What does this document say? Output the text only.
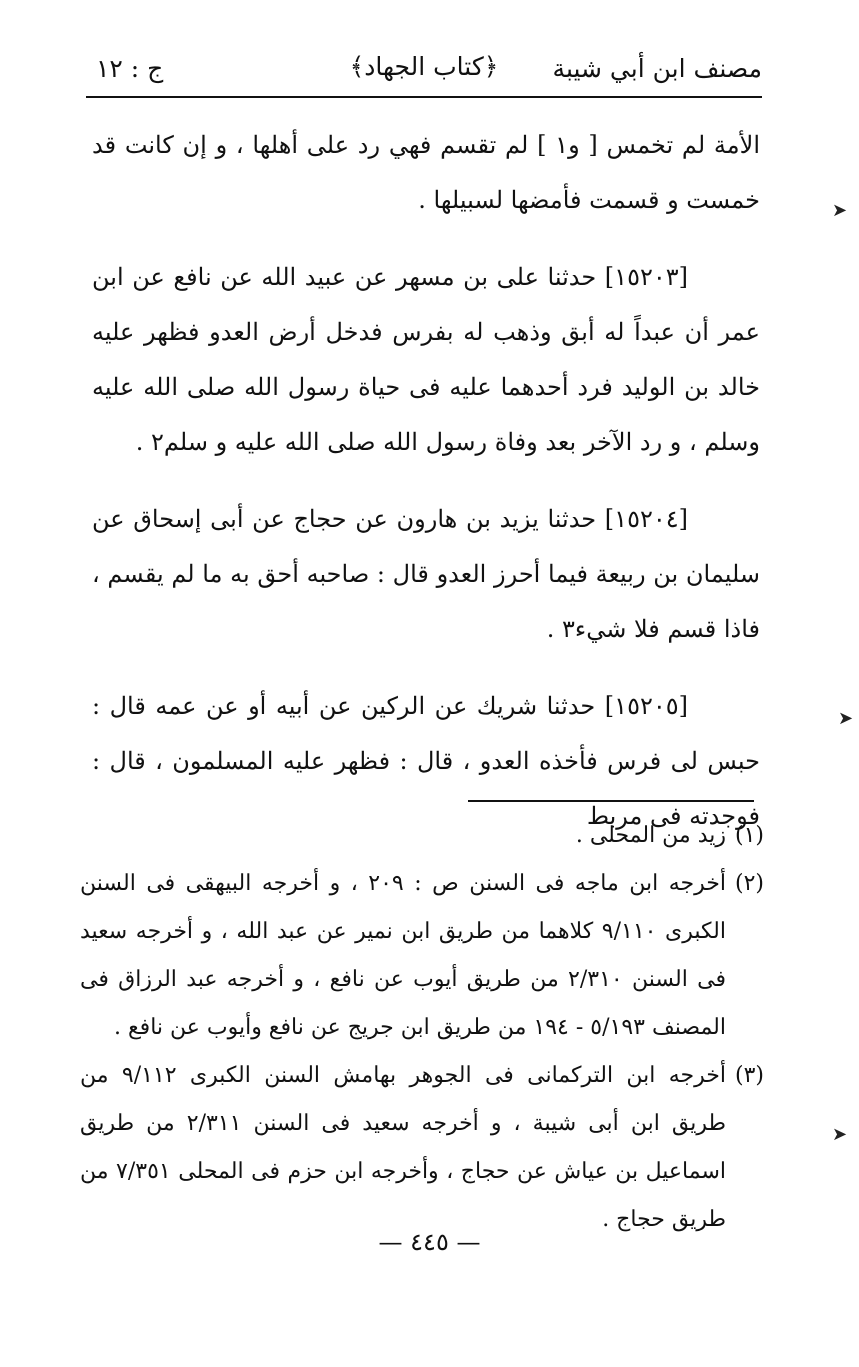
مصنف ابن أبي شيبة
﴿كتاب الجهاد﴾
ج : ١٢

الأمة لم تخمس [ و١ ] لم تقسم فهي رد على أهلها ، و إن كانت قد خمست و قسمت فأمضها لسبيلها .

[١٥٢٠٣] حدثنا على بن مسهر عن عبيد الله عن نافع عن ابن عمر أن عبداً له أبق وذهب له بفرس فدخل أرض العدو فظهر عليه خالد بن الوليد فرد أحدهما عليه فى حياة رسول الله صلى الله عليه وسلم ، و رد الآخر بعد وفاة رسول الله صلى الله عليه و سلم٢ .

[١٥٢٠٤] حدثنا يزيد بن هارون عن حجاج عن أبى إسحاق عن سليمان بن ربيعة فيما أحرز العدو قال : صاحبه أحق به ما لم يقسم ، فاذا قسم فلا شيء٣ .

[١٥٢٠٥] حدثنا شريك عن الركين عن أبيه أو عن عمه قال : حبس لى فرس فأخذه العدو ، قال : فظهر عليه المسلمون ، قال : فوجدته فى مربط

(١)
زيد من المحلى .
(٢)
أخرجه ابن ماجه فى السنن ص : ٢٠٩ ، و أخرجه البيهقى فى السنن الكبرى ٩/١١٠ كلاهما من طريق ابن نمير عن عبد الله ، و أخرجه سعيد فى السنن ٢/٣١٠ من طريق أيوب عن نافع ، و أخرجه عبد الرزاق فى المصنف ٥/١٩٣ - ١٩٤ من طريق ابن جريج عن نافع وأيوب عن نافع .
(٣)
أخرجه ابن التركمانى فى الجوهر بهامش السنن الكبرى ٩/١١٢ من طريق ابن أبى شيبة ، و أخرجه سعيد فى السنن ٢/٣١١ من طريق اسماعيل بن عياش عن حجاج ، وأخرجه ابن حزم فى المحلى ٧/٣٥١ من طريق حجاج .
— ٤٤٥ —
➤
➤
➤
